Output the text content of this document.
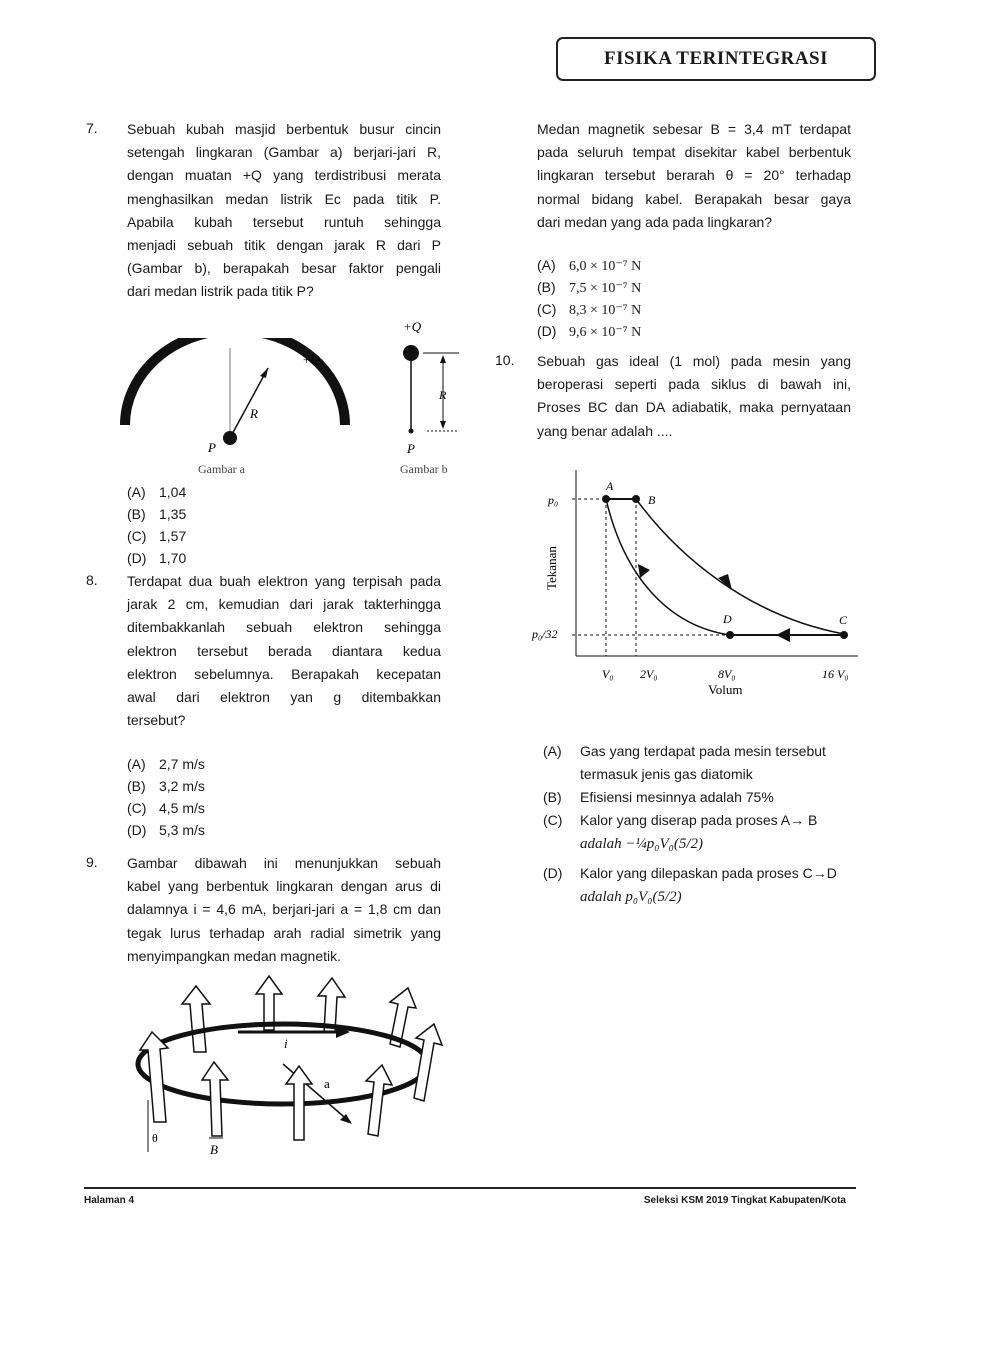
FISIKA TERINTEGRASI
7. Sebuah kubah masjid berbentuk busur cincin
setengah lingkaran (Gambar a) berjari-jari R,
dengan muatan +Q yang terdistribusi merata
menghasilkan medan listrik Ec pada titik P.
Apabila kubah tersebut runtuh sehingga
menjadi sebuah titik dengan jarak R dari P
(Gambar b), berapakah besar faktor pengali
dari medan listrik pada titik P?
R
P
+Q
Gambar a
+Q
R
P
Gambar b
(A) 1,04
(B) 1,35
(C) 1,57
(D) 1,70
8. Terdapat dua buah elektron yang terpisah pada
jarak 2 cm, kemudian dari jarak takterhingga
ditembakkanlah sebuah elektron sehingga
elektron tersebut berada diantara kedua
elektron sebelumnya. Berapakah kecepatan
awal dari elektron yan g ditembakkan
tersebut?
(A) 2,7 m/s
(B) 3,2 m/s
(C) 4,5 m/s
(D) 5,3 m/s
9. Gambar dibawah ini menunjukkan sebuah
kabel yang berbentuk lingkaran dengan arus di
dalamnya i = 4,6 mA, berjari-jari a = 1,8 cm dan
tegak lurus terhadap arah radial simetrik yang
menyimpangkan medan magnetik.
i
a
θ
B
Medan magnetik sebesar B = 3,4 mT terdapat
pada seluruh tempat disekitar kabel berbentuk
lingkaran tersebut berarah θ = 20° terhadap
normal bidang kabel. Berapakah besar gaya
dari medan yang ada pada lingkaran?
(A) 6,0 × 10⁻⁷ N
(B) 7,5 × 10⁻⁷ N
(C) 8,3 × 10⁻⁷ N
(D) 9,6 × 10⁻⁷ N
10. Sebuah gas ideal (1 mol) pada mesin yang
beroperasi seperti pada siklus di bawah ini,
Proses BC dan DA adiabatik, maka pernyataan
yang benar adalah ....
Tekanan
Volum
p₀
p₀/32
V₀ 2V₀	8V₀	16 V₀
A
B
C
D
(A)	Gas yang terdapat pada mesin tersebut
termasuk jenis gas diatomik
(B)	Efisiensi mesinnya adalah 75%
(C)	Kalor yang diserap pada proses A→ B
adalah −¼p₀V₀(5/2)
(D)	Kalor yang dilepaskan pada proses C→D
adalah p₀V₀(5/2)
Halaman 4	Seleksi KSM 2019 Tingkat Kabupaten/Kota
